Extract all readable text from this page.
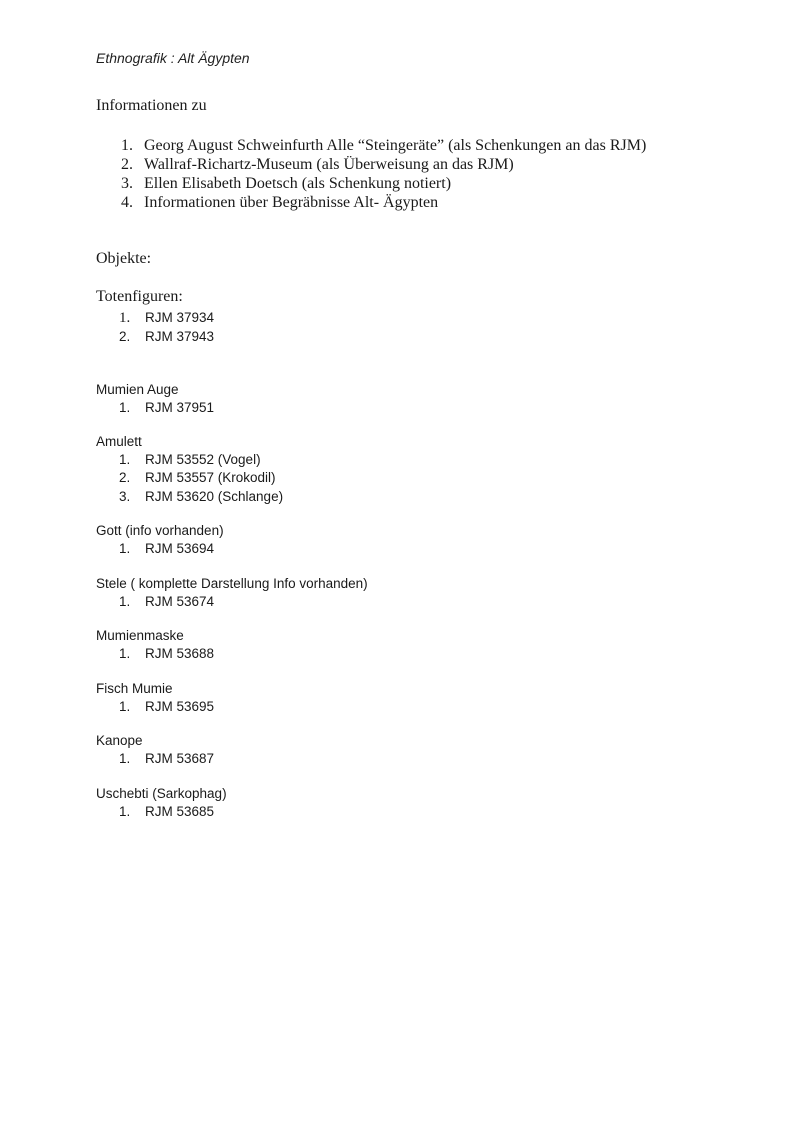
Ethnografik : Alt Ägypten
Informationen zu
1. Georg August Schweinfurth Alle “Steingeräte” (als Schenkungen an das RJM)
2. Wallraf-Richartz-Museum (als Überweisung an das RJM)
3. Ellen Elisabeth Doetsch (als Schenkung notiert)
4. Informationen über Begräbnisse Alt- Ägypten
Objekte:
Totenfiguren:
1.	RJM 37934
2.	RJM 37943
Mumien Auge
1.	RJM 37951
Amulett
1.	RJM 53552 (Vogel)
2.	RJM 53557 (Krokodil)
3.	RJM 53620 (Schlange)
Gott (info vorhanden)
1.	RJM 53694
Stele ( komplette Darstellung Info vorhanden)
1.	RJM 53674
Mumienmaske
1.	RJM 53688
Fisch Mumie
1.	RJM 53695
Kanope
1.	RJM 53687
Uschebti (Sarkophag)
1.	RJM 53685
